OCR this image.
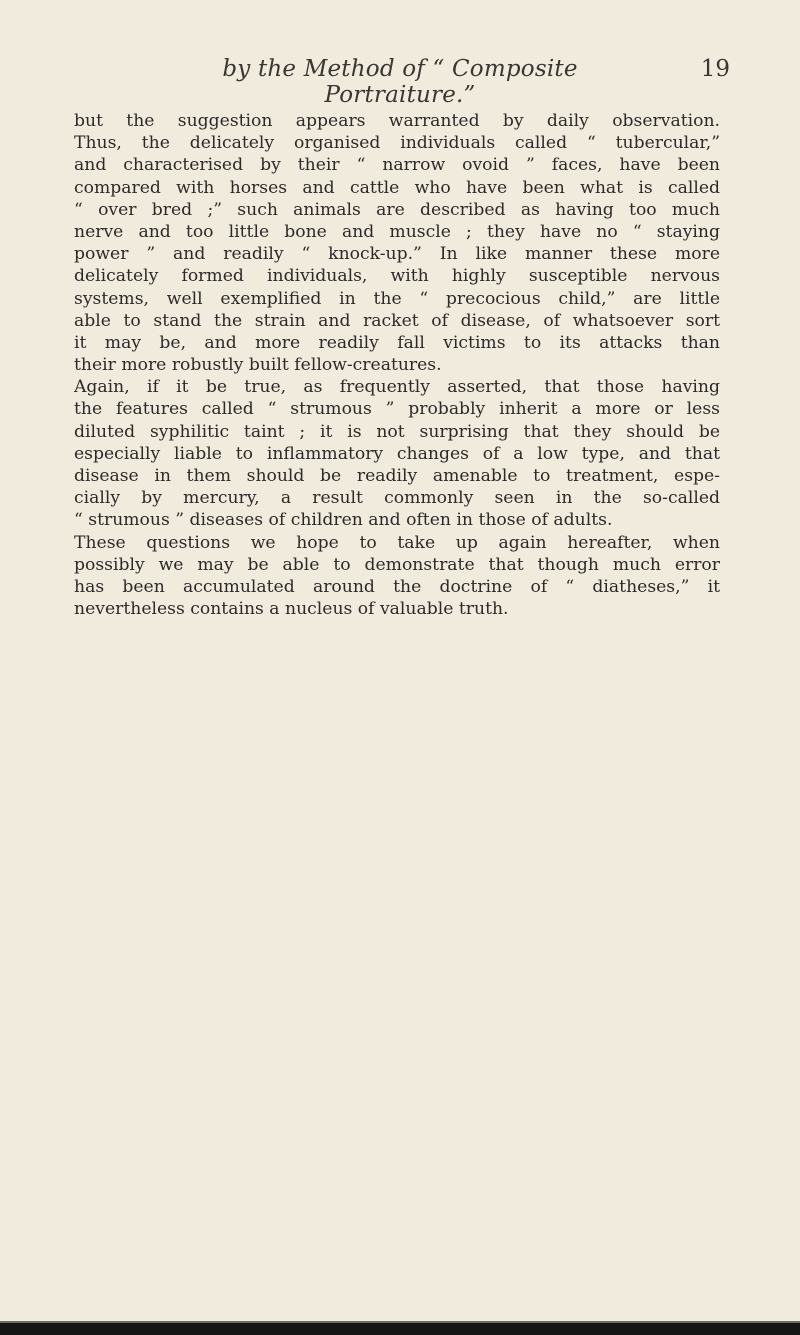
by the Method of “ Composite Portraiture.”
19
but the suggestion appears warranted by daily observation.
Thus, the delicately organised individuals called “ tubercular,”
and characterised by their “ narrow ovoid ” faces, have been
compared with horses and cattle who have been what is called
“ over bred ;” such animals are described as having too much
nerve and too little bone and muscle ; they have no “ staying
power ” and readily “ knock-up.” In like manner these more
delicately formed individuals, with highly susceptible nervous
systems, well exemplified in the “ precocious child,” are little
able to stand the strain and racket of disease, of whatsoever sort
it may be, and more readily fall victims to its attacks than
their more robustly built fellow-creatures.
Again, if it be true, as frequently asserted, that those having
the features called “ strumous ” probably inherit a more or less
diluted syphilitic taint ; it is not surprising that they should be
especially liable to inflammatory changes of a low type, and that
disease in them should be readily amenable to treatment, espe-
cially by mercury, a result commonly seen in the so-called
“ strumous ” diseases of children and often in those of adults.
These questions we hope to take up again hereafter, when
possibly we may be able to demonstrate that though much error
has been accumulated around the doctrine of “ diatheses,” it
nevertheless contains a nucleus of valuable truth.
